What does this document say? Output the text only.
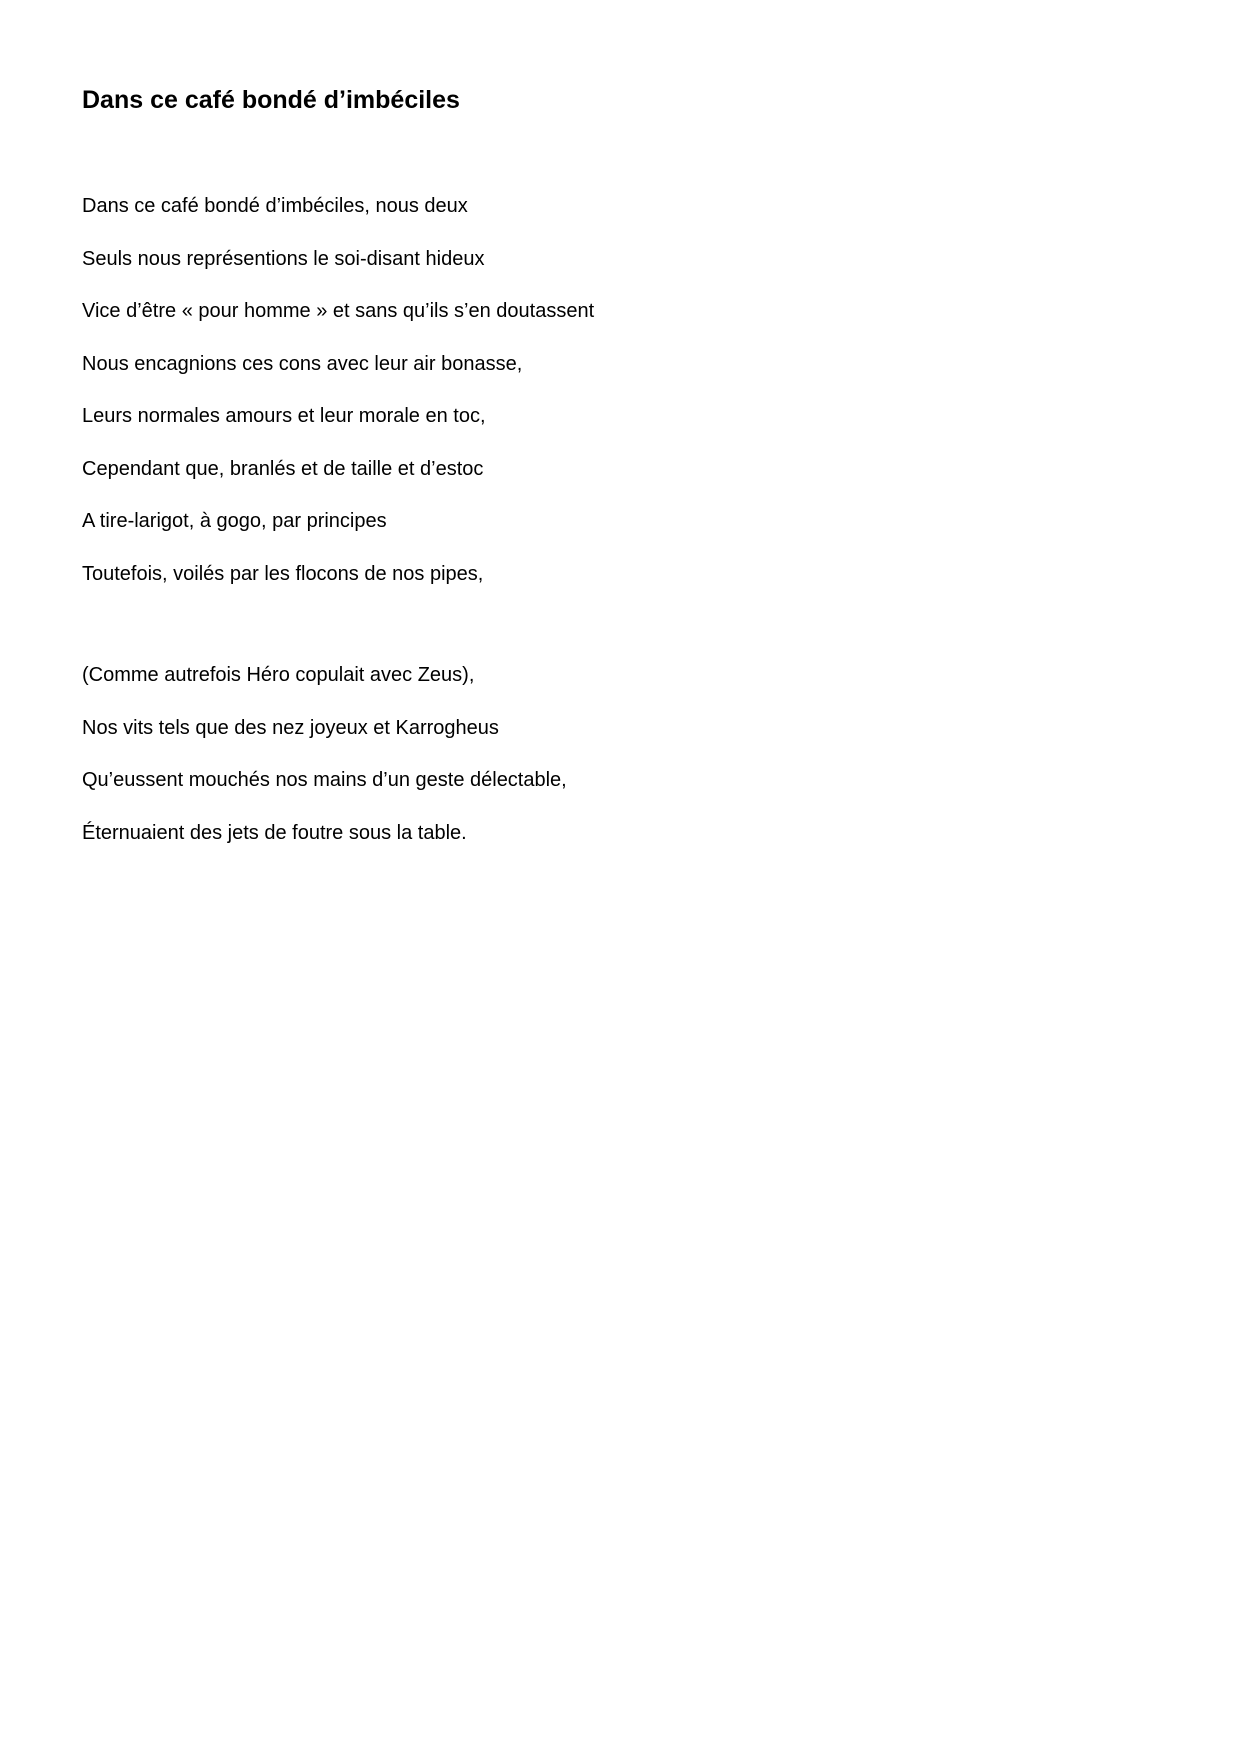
Dans ce café bondé d’imbéciles

Dans ce café bondé d’imbéciles, nous deux

Seuls nous représentions le soi-disant hideux

Vice d’être « pour homme » et sans qu’ils s’en doutassent

Nous encagnions ces cons avec leur air bonasse,

Leurs normales amours et leur morale en toc,

Cependant que, branlés et de taille et d’estoc

A tire-larigot, à gogo, par principes

Toutefois, voilés par les flocons de nos pipes,

(Comme autrefois Héro copulait avec Zeus),

Nos vits tels que des nez joyeux et Karrogheus

Qu’eussent mouchés nos mains d’un geste délectable,

Éternuaient des jets de foutre sous la table.
